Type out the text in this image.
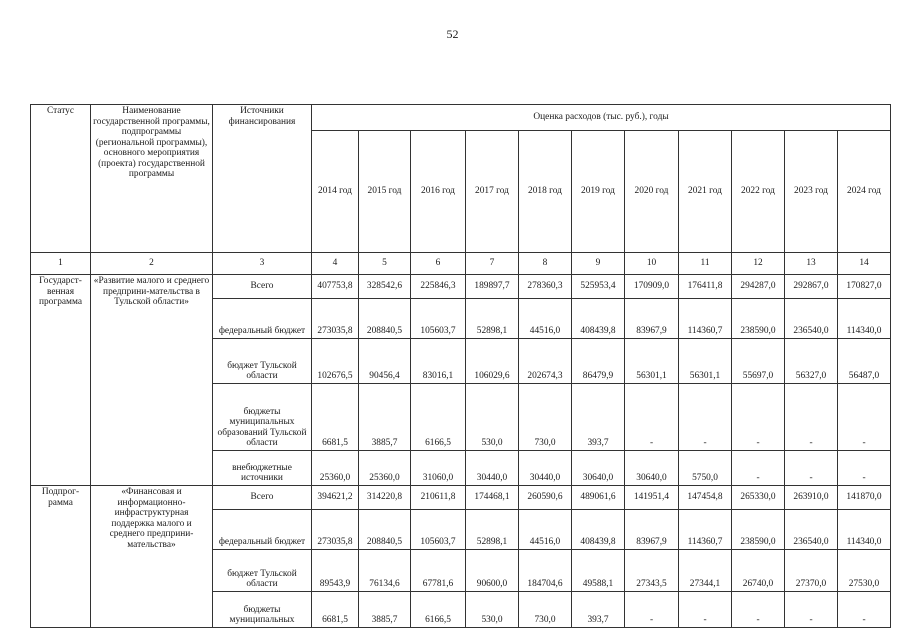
52
Статус	Наименование государственной программы, подпрограммы (региональной программы), основного мероприятия (проекта) государственной программы	Источники финансирования	Оценка расходов (тыс. руб.), годы										
			2014 год	2015 год	2016 год	2017 год	2018 год	2019 год	2020 год	2021 год	2022 год	2023 год	2024 год
1	2	3	4	5	6	7	8	9	10	11	12	13	14
Государст-венная программа	«Развитие малого и среднего предприни-мательства в Тульской области»	Всего	407753,8	328542,6	225846,3	189897,7	278360,3	525953,4	170909,0	176411,8	294287,0	292867,0	170827,0
		федеральный бюджет	273035,8	208840,5	105603,7	52898,1	44516,0	408439,8	83967,9	114360,7	238590,0	236540,0	114340,0
		бюджет Тульской области	102676,5	90456,4	83016,1	106029,6	202674,3	86479,9	56301,1	56301,1	55697,0	56327,0	56487,0
		бюджеты муниципальных образований Тульской области	6681,5	3885,7	6166,5	530,0	730,0	393,7	-	-	-	-	-
		внебюджетные источники	25360,0	25360,0	31060,0	30440,0	30440,0	30640,0	30640,0	5750,0	-	-	-
Подпрог-рамма	«Финансовая и информационно-инфраструктурная поддержка малого и среднего предприни-мательства»	Всего	394621,2	314220,8	210611,8	174468,1	260590,6	489061,6	141951,4	147454,8	265330,0	263910,0	141870,0
		федеральный бюджет	273035,8	208840,5	105603,7	52898,1	44516,0	408439,8	83967,9	114360,7	238590,0	236540,0	114340,0
		бюджет Тульской области	89543,9	76134,6	67781,6	90600,0	184704,6	49588,1	27343,5	27344,1	26740,0	27370,0	27530,0
		бюджеты муниципальных	6681,5	3885,7	6166,5	530,0	730,0	393,7	-	-	-	-	-
